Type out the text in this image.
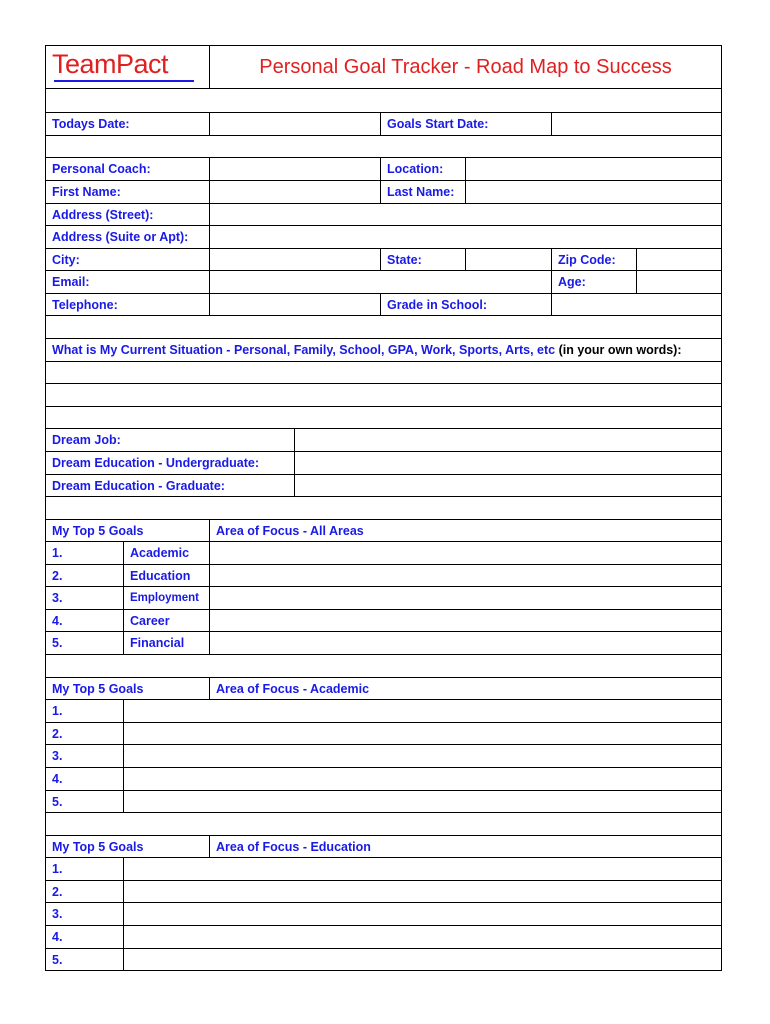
TeamPact	Personal Goal Tracker - Road Map to Success
Todays Date:	Goals Start Date:
Personal Coach:	Location:
First Name:	Last Name:
Address (Street):
Address (Suite or Apt):
City:	State:	Zip Code:
Email:	Age:
Telephone:	Grade in School:
What is My Current Situation - Personal, Family, School, GPA, Work, Sports, Arts, etc
(in your own words):
Dream Job:
Dream Education - Undergraduate:
Dream Education - Graduate:
My Top 5 Goals	Area of Focus - All Areas
1.	Academic
2.	Education
3.	Employment
4.	Career
5.	Financial
My Top 5 Goals	Area of Focus - Academic
1.
2.
3.
4.
5.
My Top 5 Goals	Area of Focus - Education
1.
2.
3.
4.
5.
